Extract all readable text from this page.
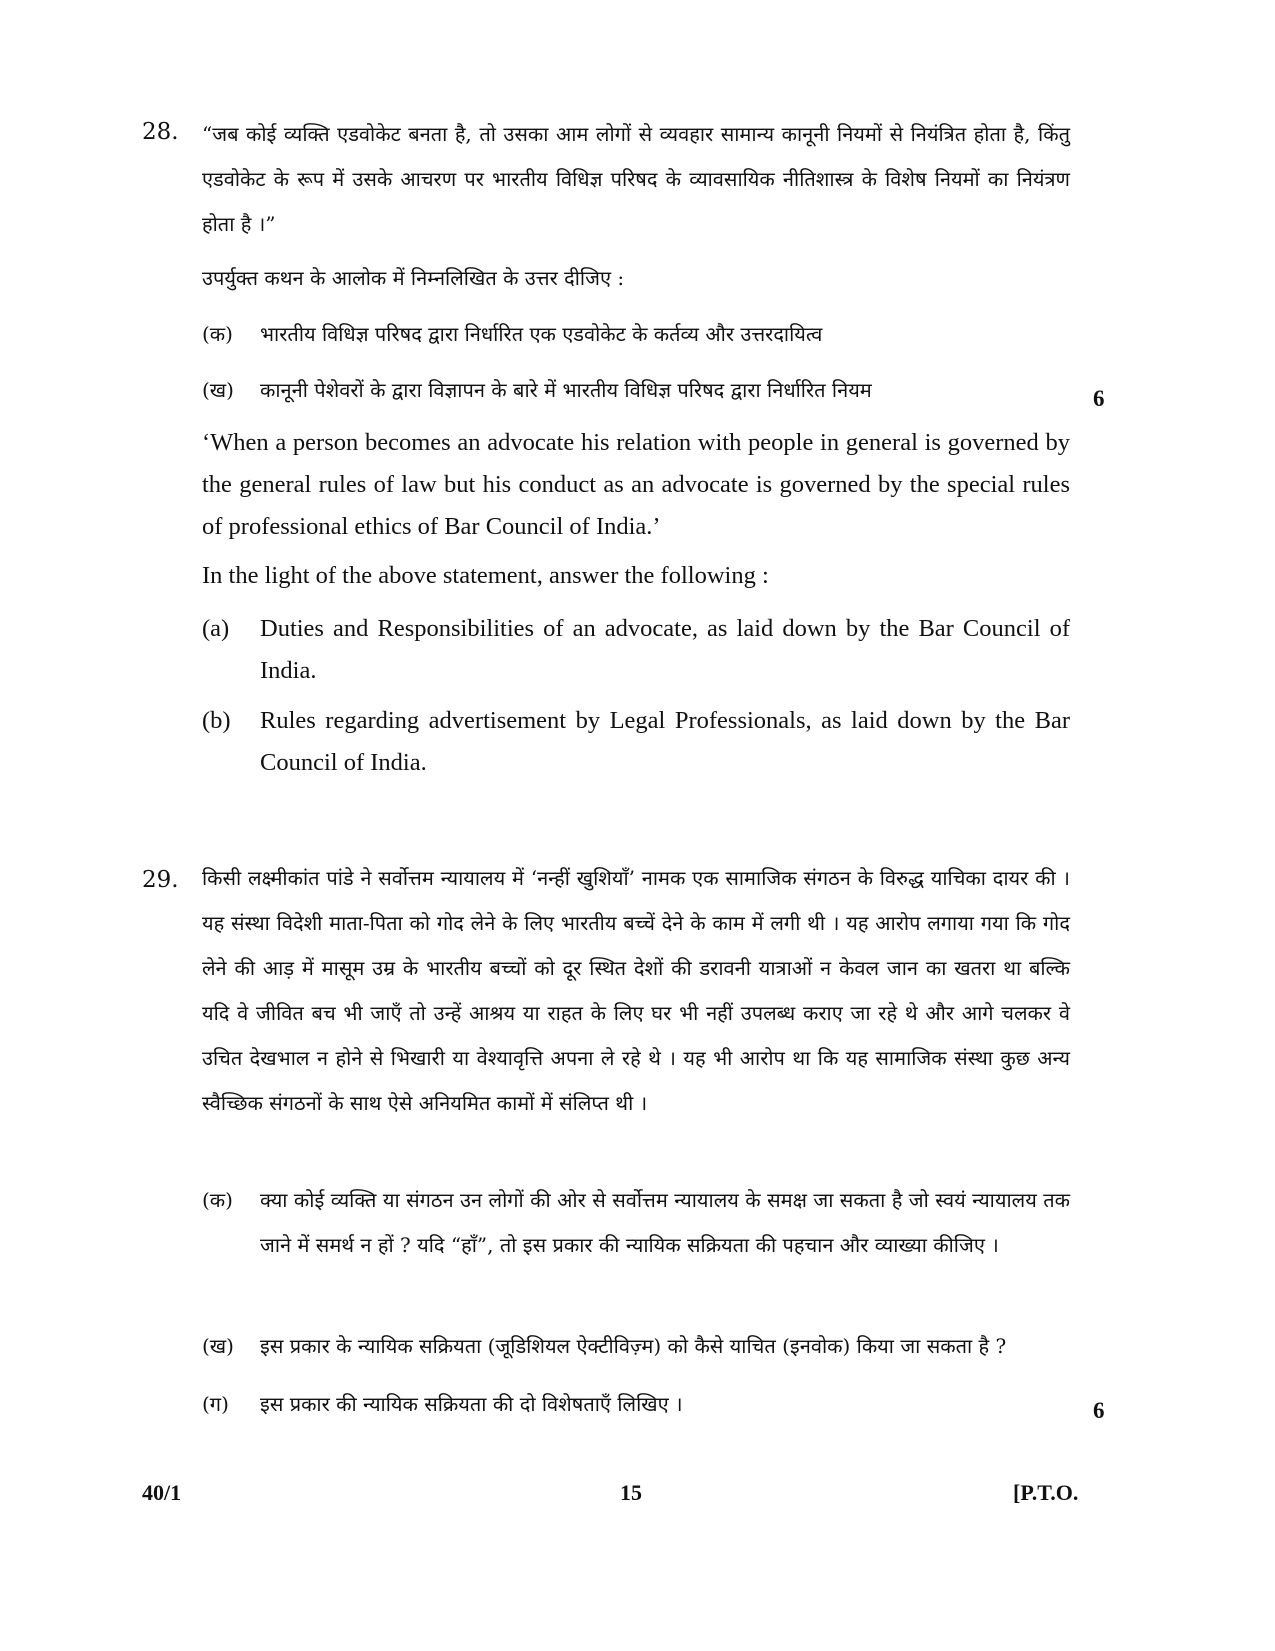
28. “जब कोई व्यक्ति एडवोकेट बनता है, तो उसका आम लोगों से व्यवहार सामान्य कानूनी नियमों से नियंत्रित होता है, किंतु एडवोकेट के रूप में उसके आचरण पर भारतीय विधिज्ञ परिषद के व्यावसायिक नीतिशास्त्र के विशेष नियमों का नियंत्रण होता है ।”
उपर्युक्त कथन के आलोक में निम्नलिखित के उत्तर दीजिए :
(क) भारतीय विधिज्ञ परिषद द्वारा निर्धारित एक एडवोकेट के कर्तव्य और उत्तरदायित्व
(ख) कानूनी पेशेवरों के द्वारा विज्ञापन के बारे में भारतीय विधिज्ञ परिषद द्वारा निर्धारित नियम	6
‘When a person becomes an advocate his relation with people in general is governed by the general rules of law but his conduct as an advocate is governed by the special rules of professional ethics of Bar Council of India.’
In the light of the above statement, answer the following :
(a) Duties and Responsibilities of an advocate, as laid down by the Bar Council of India.
(b) Rules regarding advertisement by Legal Professionals, as laid down by the Bar Council of India.
29. किसी लक्ष्मीकांत पांडे ने सर्वोत्तम न्यायालय में ‘नन्हीं खुशियाँ’ नामक एक सामाजिक संगठन के विरुद्ध याचिका दायर की । यह संस्था विदेशी माता-पिता को गोद लेने के लिए भारतीय बच्चें देने के काम में लगी थी । यह आरोप लगाया गया कि गोद लेने की आड़ में मासूम उम्र के भारतीय बच्चों को दूर स्थित देशों की डरावनी यात्राओं न केवल जान का खतरा था बल्कि यदि वे जीवित बच भी जाएँ तो उन्हें आश्रय या राहत के लिए घर भी नहीं उपलब्ध कराए जा रहे थे और आगे चलकर वे उचित देखभाल न होने से भिखारी या वेश्यावृत्ति अपना ले रहे थे । यह भी आरोप था कि यह सामाजिक संस्था कुछ अन्य स्वैच्छिक संगठनों के साथ ऐसे अनियमित कामों में संलिप्त थी ।
(क) क्या कोई व्यक्ति या संगठन उन लोगों की ओर से सर्वोत्तम न्यायालय के समक्ष जा सकता है जो स्वयं न्यायालय तक जाने में समर्थ न हों ? यदि “हाँ”, तो इस प्रकार की न्यायिक सक्रियता की पहचान और व्याख्या कीजिए ।
(ख) इस प्रकार के न्यायिक सक्रियता (जूडिशियल ऐक्टीविज़्म) को कैसे याचित (इनवोक) किया जा सकता है ?
(ग) इस प्रकार की न्यायिक सक्रियता की दो विशेषताएँ लिखिए ।	6
40/1	15	[P.T.O.
